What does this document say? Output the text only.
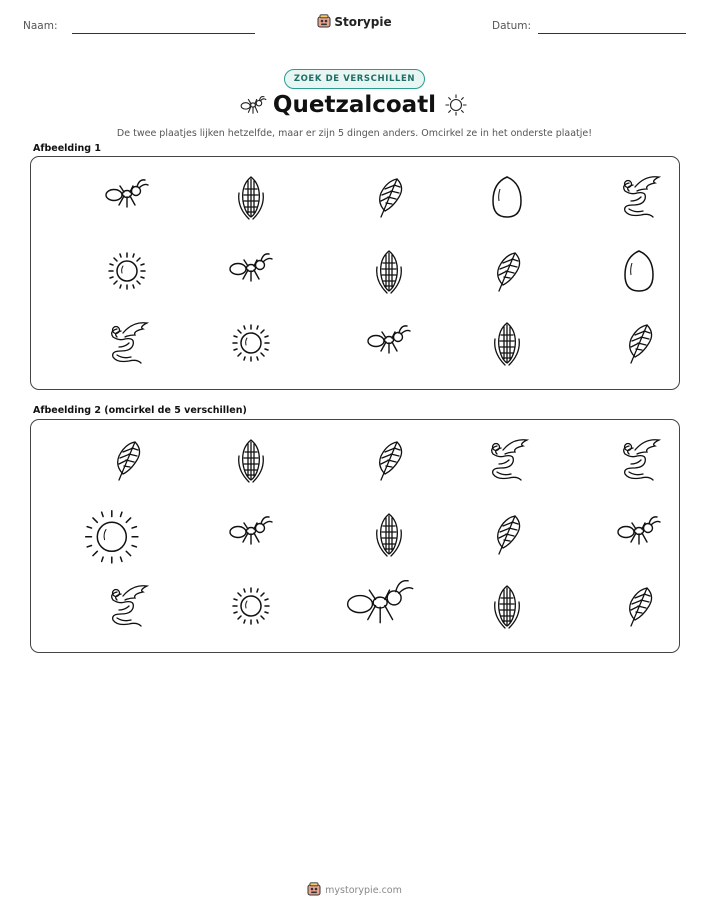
Naam:	Storypie	Datum:
ZOEK DE VERSCHILLEN
Quetzalcoatl
De twee plaatjes lijken hetzelfde, maar er zijn 5 dingen anders. Omcirkel ze in het onderste plaatje!
Afbeelding 1
Afbeelding 2 (omcirkel de 5 verschillen)
mystorypie.com
